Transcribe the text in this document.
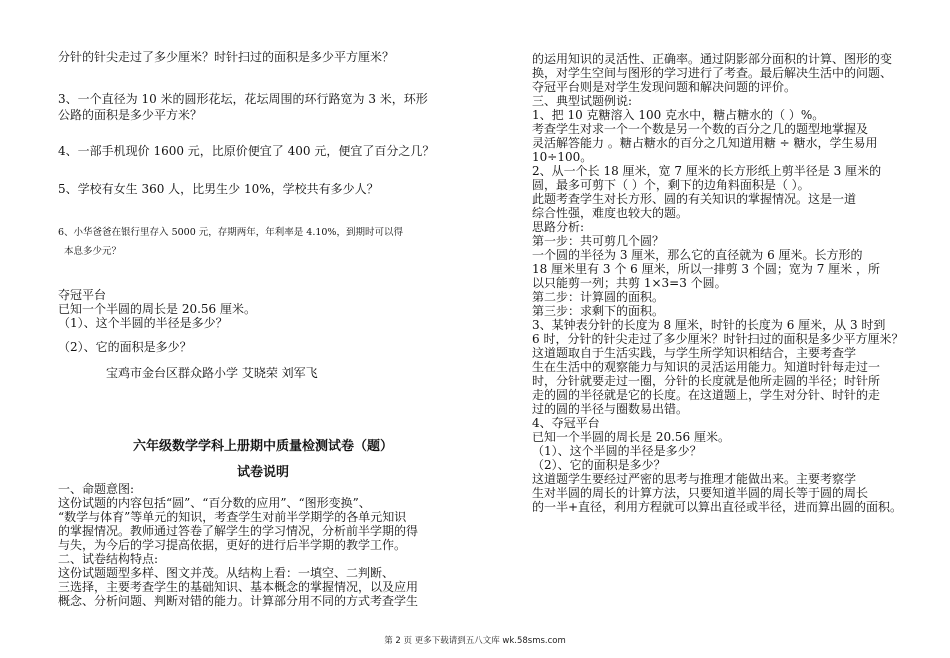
分针的针尖走过了多少厘米？时针扫过的面积是多少平方厘米？
3、一个直径为 10 米的圆形花坛，花坛周围的环行路宽为 3 米，环形
公路的面积是多少平方米？
4、一部手机现价 1600 元，比原价便宜了 400 元，便宜了百分之几？
5、学校有女生 360 人，比男生少 10%，学校共有多少人？
6、小华爸爸在银行里存入 5000 元，存期两年，年利率是 4.10%，到期时可以得
本息多少元？
夺冠平台
已知一个半圆的周长是 20.56 厘米。
（1）、这个半圆的半径是多少？
（2）、它的面积是多少？
宝鸡市金台区群众路小学 艾晓荣 刘军飞
六年级数学学科上册期中质量检测试卷（题）
试卷说明
一、命题意图:
这份试题的内容包括“圆”、“百分数的应用”、“图形变换”、
“数学与体育”等单元的知识，考查学生对前半学期学的各单元知识
的掌握情况。教师通过答卷了解学生的学习情况，分析前半学期的得
与失，为今后的学习提高依据，更好的进行后半学期的教学工作。
二、试卷结构特点:
这份试题题型多样、图文并茂。从结构上看：一填空、二判断、
三选择，主要考查学生的基础知识、基本概念的掌握情况，以及应用
概念、分析问题、判断对错的能力。计算部分用不同的方式考查学生
的运用知识的灵活性、正确率。通过阴影部分面积的计算、图形的变
换，对学生空间与图形的学习进行了考查。最后解决生活中的问题、
夺冠平台则是对学生发现问题和解决问题的评价。
三、典型试题例说:
1、把 10 克糖溶入 100 克水中，糖占糖水的（ ）%。
考查学生对求一个一个数是另一个数的百分之几的题型地掌握及
灵活解答能力 。糖占糖水的百分之几知道用糖 ÷ 糖水，学生易用
10÷100。
2、从一个长 18 厘米，宽 7 厘米的长方形纸上剪半径是 3 厘米的
圆，最多可剪下（ ）个，剩下的边角料面积是（ ）。
此题考查学生对长方形、圆的有关知识的掌握情况。这是一道
综合性强，难度也较大的题。
思路分析:
第一步：共可剪几个圆？
一个圆的半径为 3 厘米，那么它的直径就为 6 厘米。长方形的
18 厘米里有 3 个 6 厘米，所以一排剪 3 个圆；宽为 7 厘米 ，所
以只能剪一列；共剪 1×3=3 个圆。
第二步：计算圆的面积。
第三步：求剩下的面积。
3、某钟表分针的长度为 8 厘米，时针的长度为 6 厘米，从 3 时到
6 时，分针的针尖走过了多少厘米？时针扫过的面积是多少平方厘米？
这道题取自于生活实践，与学生所学知识相结合，主要考查学
生在生活中的观察能力与知识的灵活运用能力。知道时针每走过一
时，分针就要走过一圈，分针的长度就是他所走圆的半径；时针所
走的圆的半径就是它的长度。在这道题上，学生对分针、时针的走
过的圆的半径与圈数易出错。
4、夺冠平台
已知一个半圆的周长是 20.56 厘米。
（1）、这个半圆的半径是多少？
（2）、它的面积是多少？
这道题学生要经过严密的思考与推理才能做出来。主要考察学
生对半圆的周长的计算方法，只要知道半圆的周长等于圆的周长
的一半+直径，利用方程就可以算出直径或半径，进而算出圆的面积。
第 2 页 更多下载请到五八文库 wk.58sms.com
